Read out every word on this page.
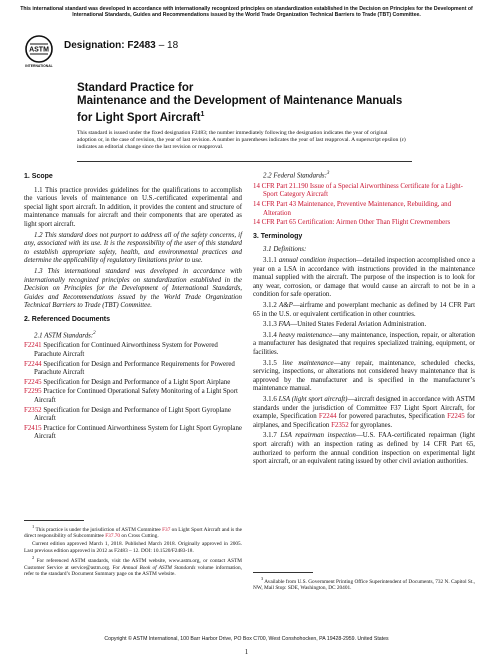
This international standard was developed in accordance with internationally recognized principles on standardization established in the Decision on Principles for the Development of International Standards, Guides and Recommendations issued by the World Trade Organization Technical Barriers to Trade (TBT) Committee.
ASTM
INTERNATIONAL
Designation: F2483 – 18
Standard Practice for
Maintenance and the Development of Maintenance Manuals
for Light Sport Aircraft$^1$
This standard is issued under the fixed designation F2483; the number immediately following the designation indicates the year of original adoption or, in the case of revision, the year of last revision. A number in parentheses indicates the year of last reapproval. A superscript epsilon (ε) indicates an editorial change since the last revision or reapproval.
1. Scope

1.1 This practice provides guidelines for the qualifications to accomplish the various levels of maintenance on U.S.-certificated experimental and special light sport aircraft. In addition, it provides the content and structure of maintenance manuals for aircraft and their components that are operated as light sport aircraft.

1.2 This standard does not purport to address all of the safety concerns, if any, associated with its use. It is the responsibility of the user of this standard to establish appropriate safety, health, and environmental practices and determine the applicability of regulatory limitations prior to use.

1.3 This international standard was developed in accordance with internationally recognized principles on standardization established in the Decision on Principles for the Development of International Standards, Guides and Recommendations issued by the World Trade Organization Technical Barriers to Trade (TBT) Committee.

2. Referenced Documents
2.1 ASTM Standards:$^2$
F2241 Specification for Continued Airworthiness System for Powered Parachute Aircraft
F2244 Specification for Design and Performance Requirements for Powered Parachute Aircraft
F2245 Specification for Design and Performance of a Light Sport Airplane
F2295 Practice for Continued Operational Safety Monitoring of a Light Sport Aircraft
F2352 Specification for Design and Performance of Light Sport Gyroplane Aircraft
F2415 Practice for Continued Airworthiness System for Light Sport Gyroplane Aircraft

$^1$ This practice is under the jurisdiction of ASTM Committee F37 on Light Sport Aircraft and is the direct responsibility of Subcommittee F37.70 on Cross Cutting.

Current edition approved March 1, 2018. Published March 2018. Originally approved in 2005. Last previous edition approved in 2012 as F2483 – 12. DOI: 10.1520/F2483-18.

$^2$ For referenced ASTM standards, visit the ASTM website, www.astm.org, or contact ASTM Customer Service at service@astm.org. For Annual Book of ASTM Standards volume information, refer to the standard’s Document Summary page on the ASTM website.

2.2 Federal Standards:$^3$
14 CFR Part 21.190 Issue of a Special Airworthiness Certificate for a Light-Sport Category Aircraft
14 CFR Part 43 Maintenance, Preventive Maintenance, Rebuilding, and Alteration
14 CFR Part 65 Certification: Airmen Other Than Flight Crewmembers
3. Terminology
3.1 Definitions:

3.1.1 annual condition inspection—detailed inspection accomplished once a year on a LSA in accordance with instructions provided in the maintenance manual supplied with the aircraft. The purpose of the inspection is to look for any wear, corrosion, or damage that would cause an aircraft to not be in a condition for safe operation.

3.1.2 A&P—airframe and powerplant mechanic as defined by 14 CFR Part 65 in the U.S. or equivalent certification in other countries.

3.1.3 FAA—United States Federal Aviation Administration.

3.1.4 heavy maintenance—any maintenance, inspection, repair, or alteration a manufacturer has designated that requires specialized training, equipment, or facilities.

3.1.5 line maintenance—any repair, maintenance, scheduled checks, servicing, inspections, or alterations not considered heavy maintenance that is approved by the manufacturer and is specified in the manufacturer’s maintenance manual.

3.1.6 LSA (light sport aircraft)—aircraft designed in accordance with ASTM standards under the jurisdiction of Committee F37 Light Sport Aircraft, for example, Specification F2244 for powered parachutes, Specification F2245 for airplanes, and Specification F2352 for gyroplanes.

3.1.7 LSA repairman inspection—U.S. FAA-certificated repairman (light sport aircraft) with an inspection rating as defined by 14 CFR Part 65, authorized to perform the annual condition inspection on experimental light sport aircraft, or an equivalent rating issued by other civil aviation authorities.

$^3$ Available from U.S. Government Printing Office Superintendent of Documents, 732 N. Capitol St., NW, Mail Stop: SDE, Washington, DC 20401.

Copyright © ASTM International, 100 Barr Harbor Drive, PO Box C700, West Conshohocken, PA 19428-2959. United States
1
